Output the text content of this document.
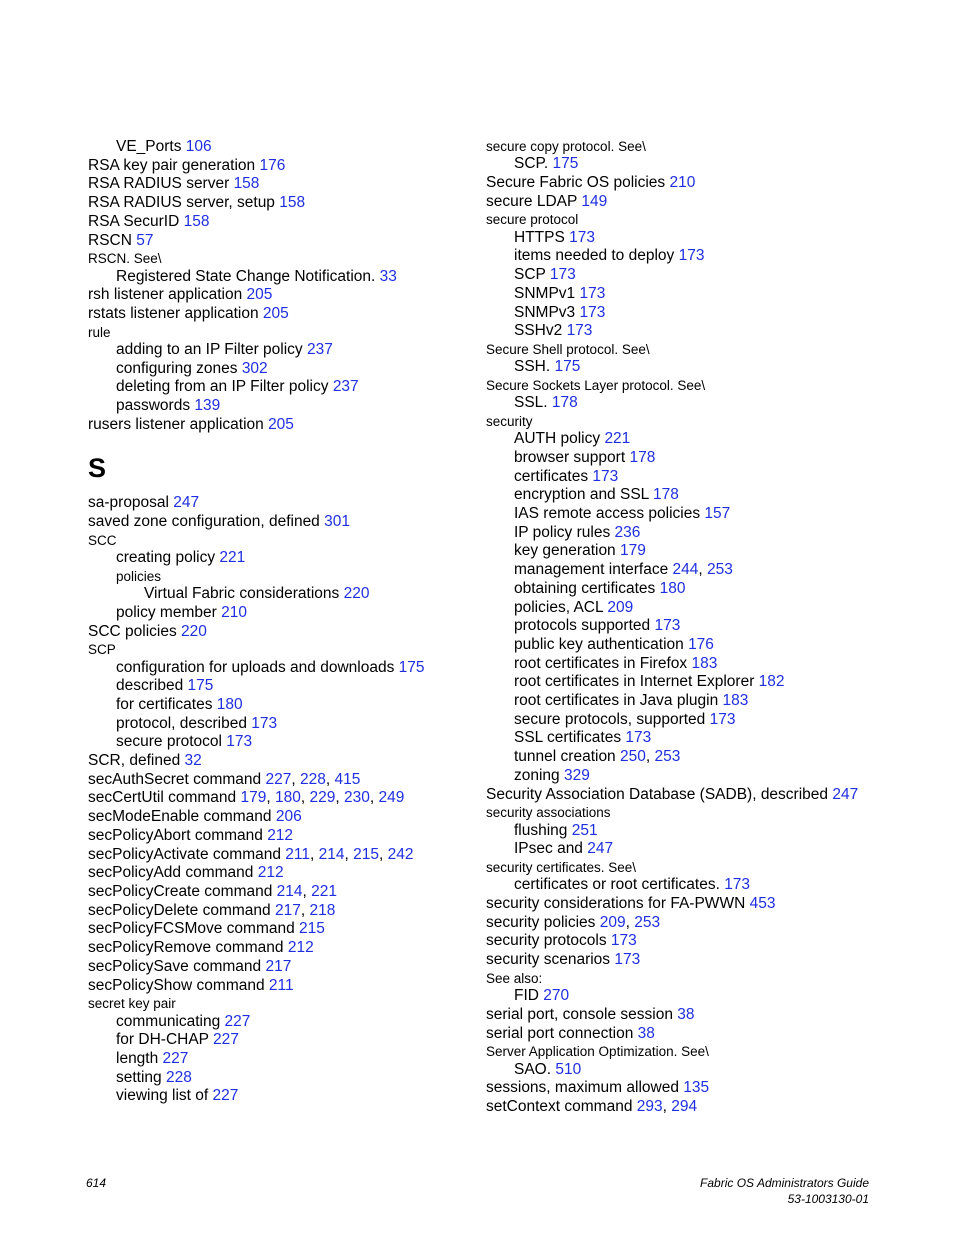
VE_Ports 106
RSA key pair generation 176
RSA RADIUS server 158
RSA RADIUS server, setup 158
RSA SecurID 158
RSCN 57
RSCN. See\
Registered State Change Notification. 33
rsh listener application 205
rstats listener application 205
rule
adding to an IP Filter policy 237
configuring zones 302
deleting from an IP Filter policy 237
passwords 139
rusers listener application 205
S
sa-proposal 247
saved zone configuration, defined 301
SCC
creating policy 221
policies
Virtual Fabric considerations 220
policy member 210
SCC policies 220
SCP
configuration for uploads and downloads 175
described 175
for certificates 180
protocol, described 173
secure protocol 173
SCR, defined 32
secAuthSecret command 227, 228, 415
secCertUtil command 179, 180, 229, 230, 249
secModeEnable command 206
secPolicyAbort command 212
secPolicyActivate command 211, 214, 215, 242
secPolicyAdd command 212
secPolicyCreate command 214, 221
secPolicyDelete command 217, 218
secPolicyFCSMove command 215
secPolicyRemove command 212
secPolicySave command 217
secPolicyShow command 211
secret key pair
communicating 227
for DH-CHAP 227
length 227
setting 228
viewing list of 227
secure copy protocol. See\
SCP. 175
Secure Fabric OS policies 210
secure LDAP 149
secure protocol
HTTPS 173
items needed to deploy 173
SCP 173
SNMPv1 173
SNMPv3 173
SSHv2 173
Secure Shell protocol. See\
SSH. 175
Secure Sockets Layer protocol. See\
SSL. 178
security
AUTH policy 221
browser support 178
certificates 173
encryption and SSL 178
IAS remote access policies 157
IP policy rules 236
key generation 179
management interface 244, 253
obtaining certificates 180
policies, ACL 209
protocols supported 173
public key authentication 176
root certificates in Firefox 183
root certificates in Internet Explorer 182
root certificates in Java plugin 183
secure protocols, supported 173
SSL certificates 173
tunnel creation 250, 253
zoning 329
Security Association Database (SADB), described 247
security associations
flushing 251
IPsec and 247
security certificates. See\
certificates or root certificates. 173
security considerations for FA-PWWN 453
security policies 209, 253
security protocols 173
security scenarios 173
See also:
FID 270
serial port, console session 38
serial port connection 38
Server Application Optimization. See\
SAO. 510
sessions, maximum allowed 135
setContext command 293, 294
614	Fabric OS Administrators Guide
53-1003130-01
